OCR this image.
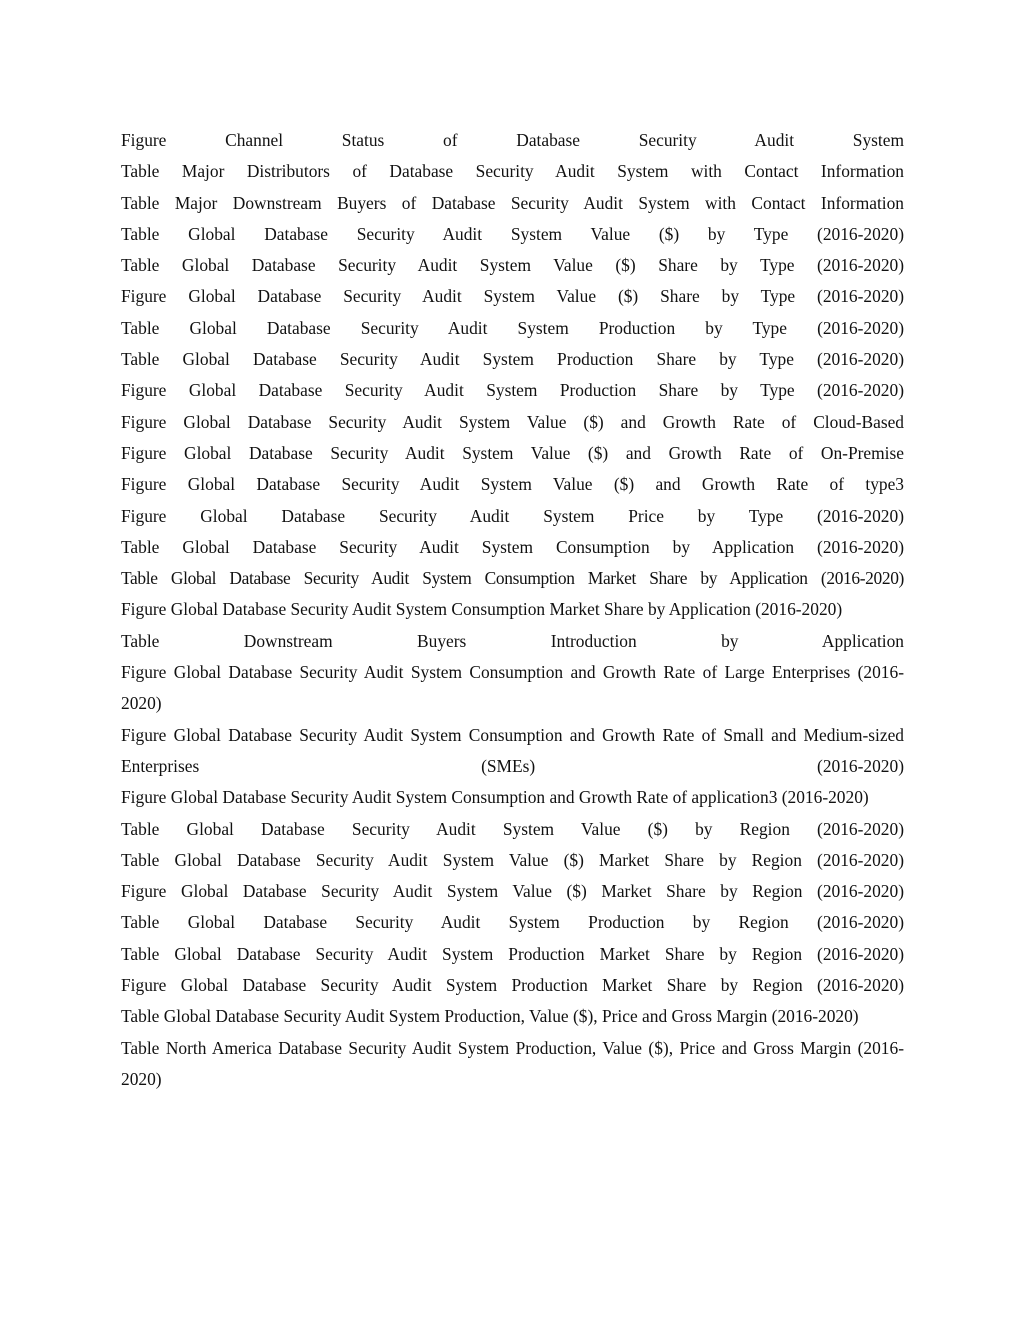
Figure Channel Status of Database Security Audit System
Table Major Distributors of Database Security Audit System with Contact Information
Table Major Downstream Buyers of Database Security Audit System with Contact Information
Table Global Database Security Audit System Value ($) by Type (2016-2020)
Table Global Database Security Audit System Value ($) Share by Type (2016-2020)
Figure Global Database Security Audit System Value ($) Share by Type (2016-2020)
Table Global Database Security Audit System Production by Type (2016-2020)
Table Global Database Security Audit System Production Share by Type (2016-2020)
Figure Global Database Security Audit System Production Share by Type (2016-2020)
Figure Global Database Security Audit System Value ($) and Growth Rate of Cloud-Based
Figure Global Database Security Audit System Value ($) and Growth Rate of On-Premise
Figure Global Database Security Audit System Value ($) and Growth Rate of type3
Figure Global Database Security Audit System Price by Type (2016-2020)
Table Global Database Security Audit System Consumption by Application (2016-2020)
Table Global Database Security Audit System Consumption Market Share by Application (2016-2020)
Figure Global Database Security Audit System Consumption Market Share by Application (2016-2020)
Table Downstream Buyers Introduction by Application
Figure Global Database Security Audit System Consumption and Growth Rate of Large Enterprises (2016-2020)
Figure Global Database Security Audit System Consumption and Growth Rate of Small and Medium-sized Enterprises (SMEs) (2016-2020)
Figure Global Database Security Audit System Consumption and Growth Rate of application3 (2016-2020)
Table Global Database Security Audit System Value ($) by Region (2016-2020)
Table Global Database Security Audit System Value ($) Market Share by Region (2016-2020)
Figure Global Database Security Audit System Value ($) Market Share by Region (2016-2020)
Table Global Database Security Audit System Production by Region (2016-2020)
Table Global Database Security Audit System Production Market Share by Region (2016-2020)
Figure Global Database Security Audit System Production Market Share by Region (2016-2020)
Table Global Database Security Audit System Production, Value ($), Price and Gross Margin (2016-2020)
Table North America Database Security Audit System Production, Value ($), Price and Gross Margin (2016-2020)
